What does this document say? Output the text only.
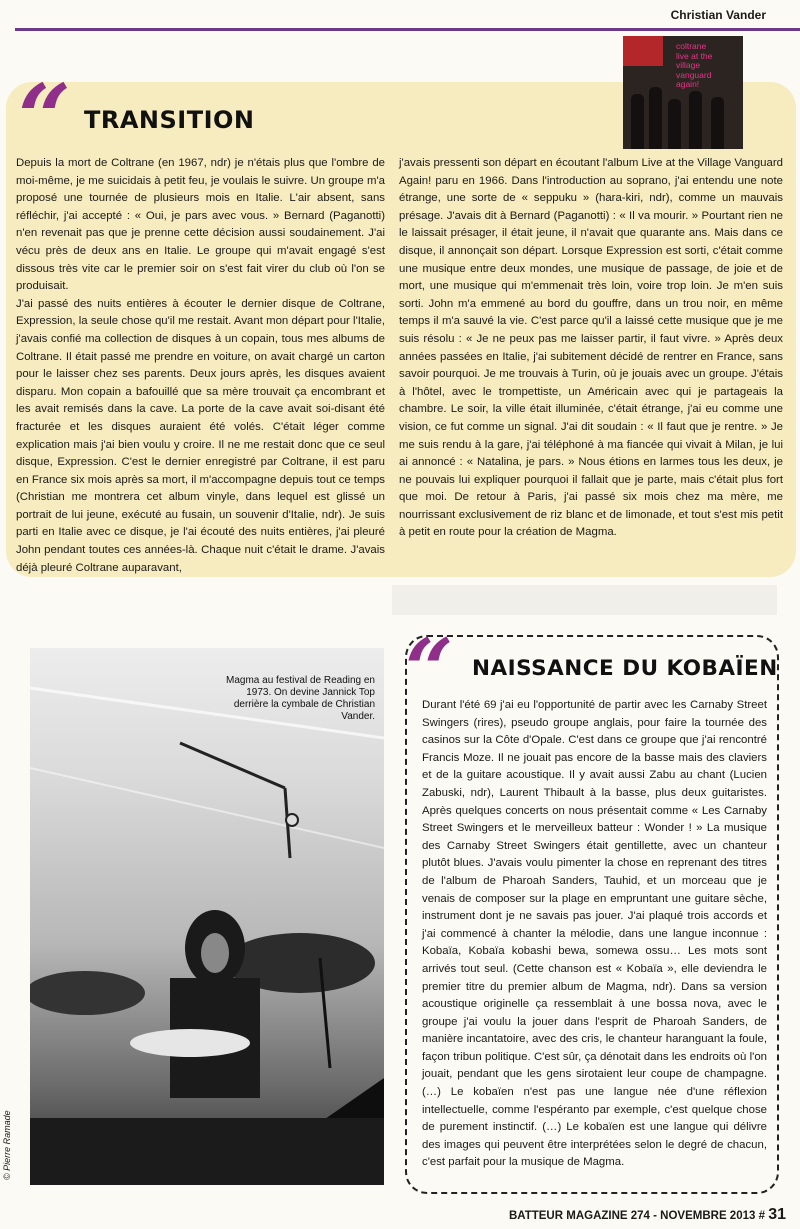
Christian Vander
coltrane
live at the
village
vanguard
again!
“ TRANSITION

Depuis la mort de Coltrane (en 1967, ndr) je n'étais plus que l'ombre de moi-même, je me suicidais à petit feu, je voulais le suivre. Un groupe m'a proposé une tournée de plusieurs mois en Italie. L'air absent, sans réfléchir, j'ai accepté : « Oui, je pars avec vous. » Bernard (Paganotti) n'en revenait pas que je prenne cette décision aussi soudainement. J'ai vécu près de deux ans en Italie. Le groupe qui m'avait engagé s'est dissous très vite car le premier soir on s'est fait virer du club où l'on se produisait.

J'ai passé des nuits entières à écouter le dernier disque de Coltrane, Expression, la seule chose qu'il me restait. Avant mon départ pour l'Italie, j'avais confié ma collection de disques à un copain, tous mes albums de Coltrane. Il était passé me prendre en voiture, on avait chargé un carton pour le laisser chez ses parents. Deux jours après, les disques avaient disparu. Mon copain a bafouillé que sa mère trouvait ça encombrant et les avait remisés dans la cave. La porte de la cave avait soi-disant été fracturée et les disques auraient été volés. C'était léger comme explication mais j'ai bien voulu y croire. Il ne me restait donc que ce seul disque, Expression. C'est le dernier enregistré par Coltrane, il est paru en France six mois après sa mort, il m'accompagne depuis tout ce temps (Christian me montrera cet album vinyle, dans lequel est glissé un portrait de lui jeune, exécuté au fusain, un souvenir d'Italie, ndr). Je suis parti en Italie avec ce disque, je l'ai écouté des nuits entières, j'ai pleuré John pendant toutes ces années-là. Chaque nuit c'était le drame. J'avais déjà pleuré Coltrane auparavant,

j'avais pressenti son départ en écoutant l'album Live at the Village Vanguard Again! paru en 1966. Dans l'introduction au soprano, j'ai entendu une note étrange, une sorte de « seppuku » (hara-kiri, ndr), comme un mauvais présage. J'avais dit à Bernard (Paganotti) : « Il va mourir. » Pourtant rien ne le laissait présager, il était jeune, il n'avait que quarante ans. Mais dans ce disque, il annonçait son départ. Lorsque Expression est sorti, c'était comme une musique entre deux mondes, une musique de passage, de joie et de mort, une musique qui m'emmenait très loin, voire trop loin. Je m'en suis sorti. John m'a emmené au bord du gouffre, dans un trou noir, en même temps il m'a sauvé la vie. C'est parce qu'il a laissé cette musique que je me suis résolu : « Je ne peux pas me laisser partir, il faut vivre. » Après deux années passées en Italie, j'ai subitement décidé de rentrer en France, sans savoir pourquoi. Je me trouvais à Turin, où je jouais avec un groupe. J'étais à l'hôtel, avec le trompettiste, un Américain avec qui je partageais la chambre. Le soir, la ville était illuminée, c'était étrange, j'ai eu comme une vision, ce fut comme un signal. J'ai dit soudain : « Il faut que je rentre. » Je me suis rendu à la gare, j'ai téléphoné à ma fiancée qui vivait à Milan, je lui ai annoncé : « Natalina, je pars. » Nous étions en larmes tous les deux, je ne pouvais lui expliquer pourquoi il fallait que je parte, mais c'était plus fort que moi. De retour à Paris, j'ai passé six mois chez ma mère, me nourrissant exclusivement de riz blanc et de limonade, et tout s'est mis petit à petit en route pour la création de Magma.

Magma au festival de Reading en 1973. On devine Jannick Top derrière la cymbale de Christian Vander.
© Pierre Ramade
“ NAISSANCE DU KOBAÏEN

Durant l'été 69 j'ai eu l'opportunité de partir avec les Carnaby Street Swingers (rires), pseudo groupe anglais, pour faire la tournée des casinos sur la Côte d'Opale. C'est dans ce groupe que j'ai rencontré Francis Moze. Il ne jouait pas encore de la basse mais des claviers et de la guitare acoustique. Il y avait aussi Zabu au chant (Lucien Zabuski, ndr), Laurent Thibault à la basse, plus deux guitaristes. Après quelques concerts on nous présentait comme « Les Carnaby Street Swingers et le merveilleux batteur : Wonder ! » La musique des Carnaby Street Swingers était gentillette, avec un chanteur plutôt blues. J'avais voulu pimenter la chose en reprenant des titres de l'album de Pharoah Sanders, Tauhid, et un morceau que je venais de composer sur la plage en empruntant une guitare sèche, instrument dont je ne savais pas jouer. J'ai plaqué trois accords et j'ai commencé à chanter la mélodie, dans une langue inconnue : Kobaïa, Kobaïa kobashi bewa, somewa ossu… Les mots sont arrivés tout seul. (Cette chanson est « Kobaïa », elle deviendra le premier titre du premier album de Magma, ndr). Dans sa version acoustique originelle ça ressemblait à une bossa nova, avec le groupe j'ai voulu la jouer dans l'esprit de Pharoah Sanders, de manière incantatoire, avec des cris, le chanteur haranguant la foule, façon tribun politique. C'est sûr, ça dénotait dans les endroits où l'on jouait, pendant que les gens sirotaient leur coupe de champagne. (…) Le kobaïen n'est pas une langue née d'une réflexion intellectuelle, comme l'espéranto par exemple, c'est quelque chose de purement instinctif. (…) Le kobaïen est une langue qui délivre des images qui peuvent être interprétées selon le degré de chacun, c'est parfait pour la musique de Magma.

BATTEUR MAGAZINE 274 - NOVEMBRE 2013 # 31
